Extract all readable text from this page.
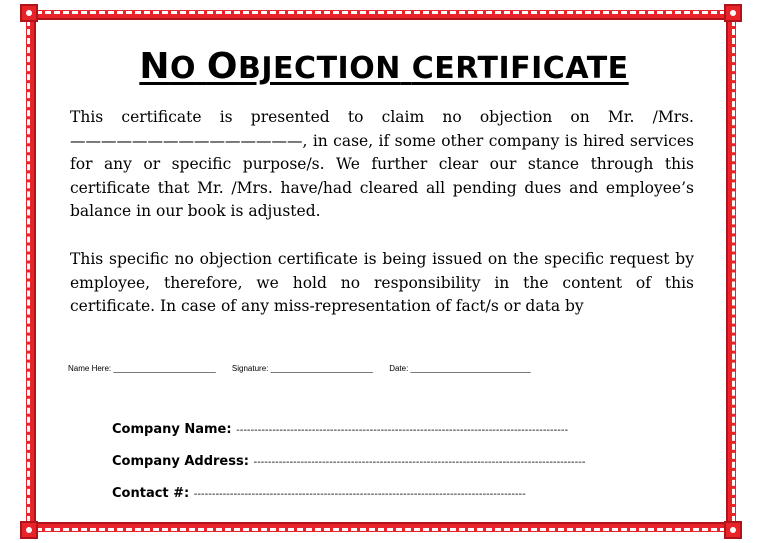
NO OBJECTION CERTIFICATE

This certificate is presented to claim no objection on Mr. /Mrs. ———————————————, in case, if some other company is hired services for any or specific purpose/s. We further clear our stance through this certificate that Mr. /Mrs. have/had cleared all pending dues and employee’s balance in our book is adjusted.

This specific no objection certificate is being issued on the specific request by employee, therefore, we hold no responsibility in the content of this certificate. In case of any miss-representation of fact/s or data by

Name Here: _______________________ Signature: _______________________ Date: ___________________________
Company Name: --------------------------------------------------------------------------------------------
Company Address: --------------------------------------------------------------------------------------------
Contact #: --------------------------------------------------------------------------------------------
